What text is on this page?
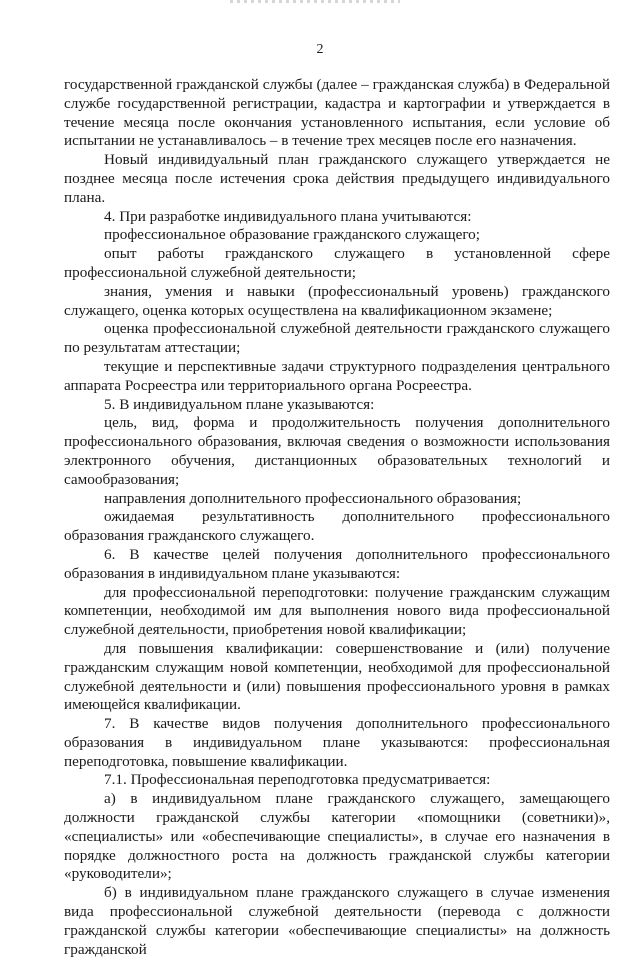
2

государственной гражданской службы (далее – гражданская служба) в Федеральной службе государственной регистрации, кадастра и картографии и утверждается в течение месяца после окончания установленного испытания, если условие об испытании не устанавливалось – в течение трех месяцев после его назначения.

Новый индивидуальный план гражданского служащего утверждается не позднее месяца после истечения срока действия предыдущего индивидуального плана.

4. При разработке индивидуального плана учитываются:

профессиональное образование гражданского служащего;

опыт работы гражданского служащего в установленной сфере профессиональной служебной деятельности;

знания, умения и навыки (профессиональный уровень) гражданского служащего, оценка которых осуществлена на квалификационном экзамене;

оценка профессиональной служебной деятельности гражданского служащего по результатам аттестации;

текущие и перспективные задачи структурного подразделения центрального аппарата Росреестра или территориального органа Росреестра.

5. В индивидуальном плане указываются:

цель, вид, форма и продолжительность получения дополнительного профессионального образования, включая сведения о возможности использования электронного обучения, дистанционных образовательных технологий и самообразования;

направления дополнительного профессионального образования;

ожидаемая результативность дополнительного профессионального образования гражданского служащего.

6. В качестве целей получения дополнительного профессионального образования в индивидуальном плане указываются:

для профессиональной переподготовки: получение гражданским служащим компетенции, необходимой им для выполнения нового вида профессиональной служебной деятельности, приобретения новой квалификации;

для повышения квалификации: совершенствование и (или) получение гражданским служащим новой компетенции, необходимой для профессиональной служебной деятельности и (или) повышения профессионального уровня в рамках имеющейся квалификации.

7. В качестве видов получения дополнительного профессионального образования в индивидуальном плане указываются: профессиональная переподготовка, повышение квалификации.

7.1. Профессиональная переподготовка предусматривается:

а) в индивидуальном плане гражданского служащего, замещающего должности гражданской службы категории «помощники (советники)», «специалисты» или «обеспечивающие специалисты», в случае его назначения в порядке должностного роста на должность гражданской службы категории «руководители»;

б) в индивидуальном плане гражданского служащего в случае изменения вида профессиональной служебной деятельности (перевода с должности гражданской службы категории «обеспечивающие специалисты» на должность гражданской
